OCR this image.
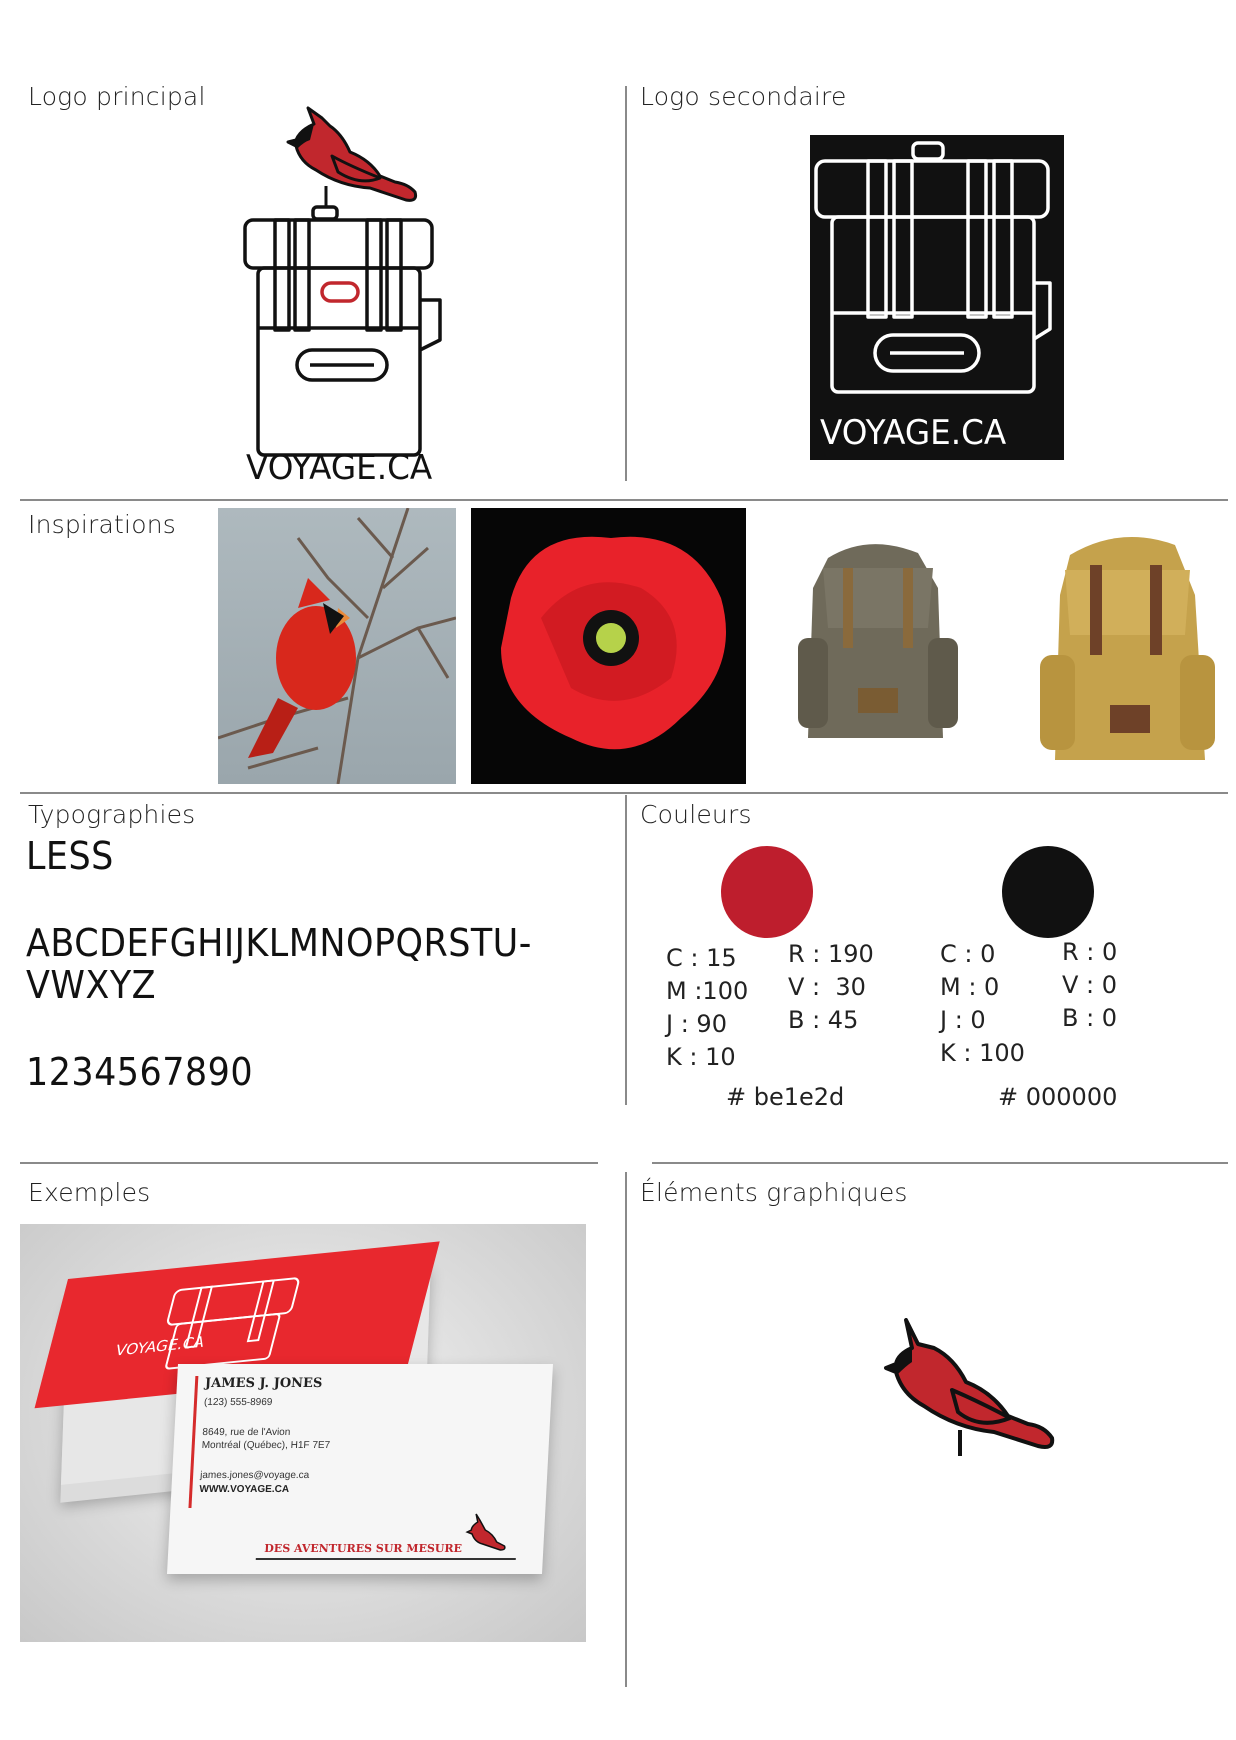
Logo principal
VOYAGE.CA
Logo secondaire
VOYAGE.CA
Inspirations
Typographies
LESS
ABCDEFGHIJKLMNOPQRSTU-
VWXYZ
1234567890
Couleurs
C : 15
M :100
J : 90
K : 10
R : 190
V :  30
B : 45
# be1e2d
C : 0
M : 0
J : 0
K : 100
R : 0
V : 0
B : 0
# 000000
Exemples
VOYAGE.CA
JAMES J. JONES
(123) 555-8969
8649, rue de l'Avion
Montréal (Québec), H1F 7E7
james.jones@voyage.ca
WWW.VOYAGE.CA
DES AVENTURES SUR MESURE
Éléments graphiques
